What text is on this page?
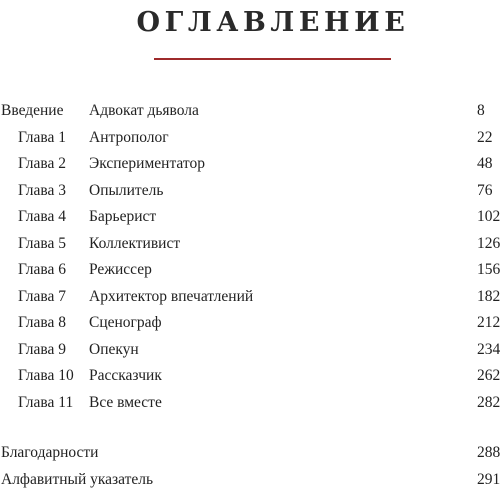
ОГЛАВЛЕНИЕ
Введение Адвокат дьявола	8
Глава 1 Антрополог	22
Глава 2 Экспериментатор	48
Глава 3 Опылитель	76
Глава 4 Барьерист	102
Глава 5 Коллективист	126
Глава 6 Режиссер	156
Глава 7 Архитектор впечатлений	182
Глава 8 Сценограф	212
Глава 9 Опекун	234
Глава 10 Рассказчик	262
Глава 11 Все вместе	282
Благодарности	288
Алфавитный указатель	291
